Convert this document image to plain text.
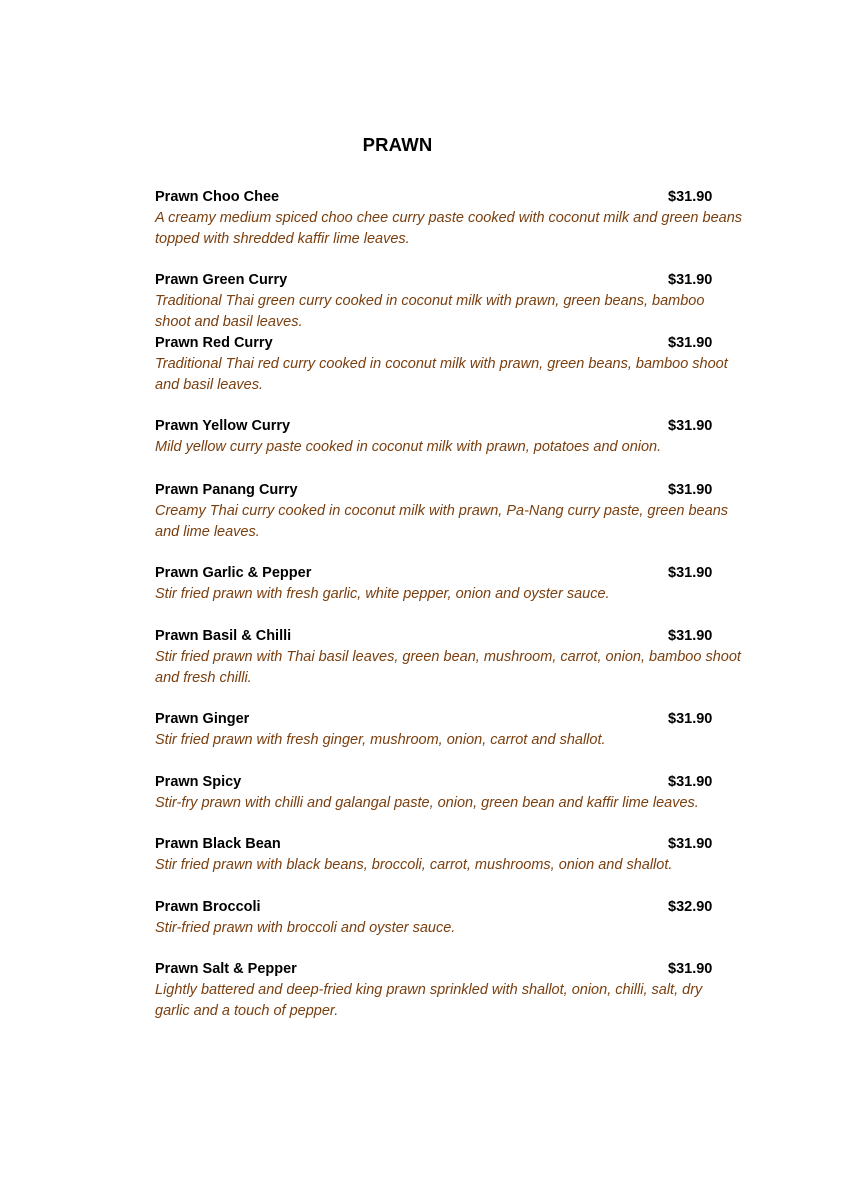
PRAWN
Prawn Choo Chee	$31.90
A creamy medium spiced choo chee curry paste cooked with coconut milk and green beans topped with shredded kaffir lime leaves.
Prawn Green Curry	$31.90
Traditional Thai green curry cooked in coconut milk with prawn, green beans, bamboo shoot and basil leaves.
Prawn Red Curry	$31.90
Traditional Thai red curry cooked in coconut milk with prawn, green beans, bamboo shoot and basil leaves.
Prawn Yellow Curry	$31.90
Mild yellow curry paste cooked in coconut milk with prawn, potatoes and onion.
Prawn Panang Curry	$31.90
Creamy Thai curry cooked in coconut milk with prawn, Pa-Nang curry paste, green beans and lime leaves.
Prawn Garlic & Pepper	$31.90
Stir fried prawn with fresh garlic, white pepper, onion and oyster sauce.
Prawn Basil & Chilli	$31.90
Stir fried prawn with Thai basil leaves, green bean, mushroom, carrot, onion, bamboo shoot and fresh chilli.
Prawn Ginger	$31.90
Stir fried prawn with fresh ginger, mushroom, onion, carrot and shallot.
Prawn Spicy	$31.90
Stir-fry prawn with chilli and galangal paste, onion, green bean and kaffir lime leaves.
Prawn Black Bean	$31.90
Stir fried prawn with black beans, broccoli, carrot, mushrooms, onion and shallot.
Prawn Broccoli	$32.90
Stir-fried prawn with broccoli and oyster sauce.
Prawn Salt & Pepper	$31.90
Lightly battered and deep-fried king prawn sprinkled with shallot, onion, chilli, salt, dry garlic and a touch of pepper.
